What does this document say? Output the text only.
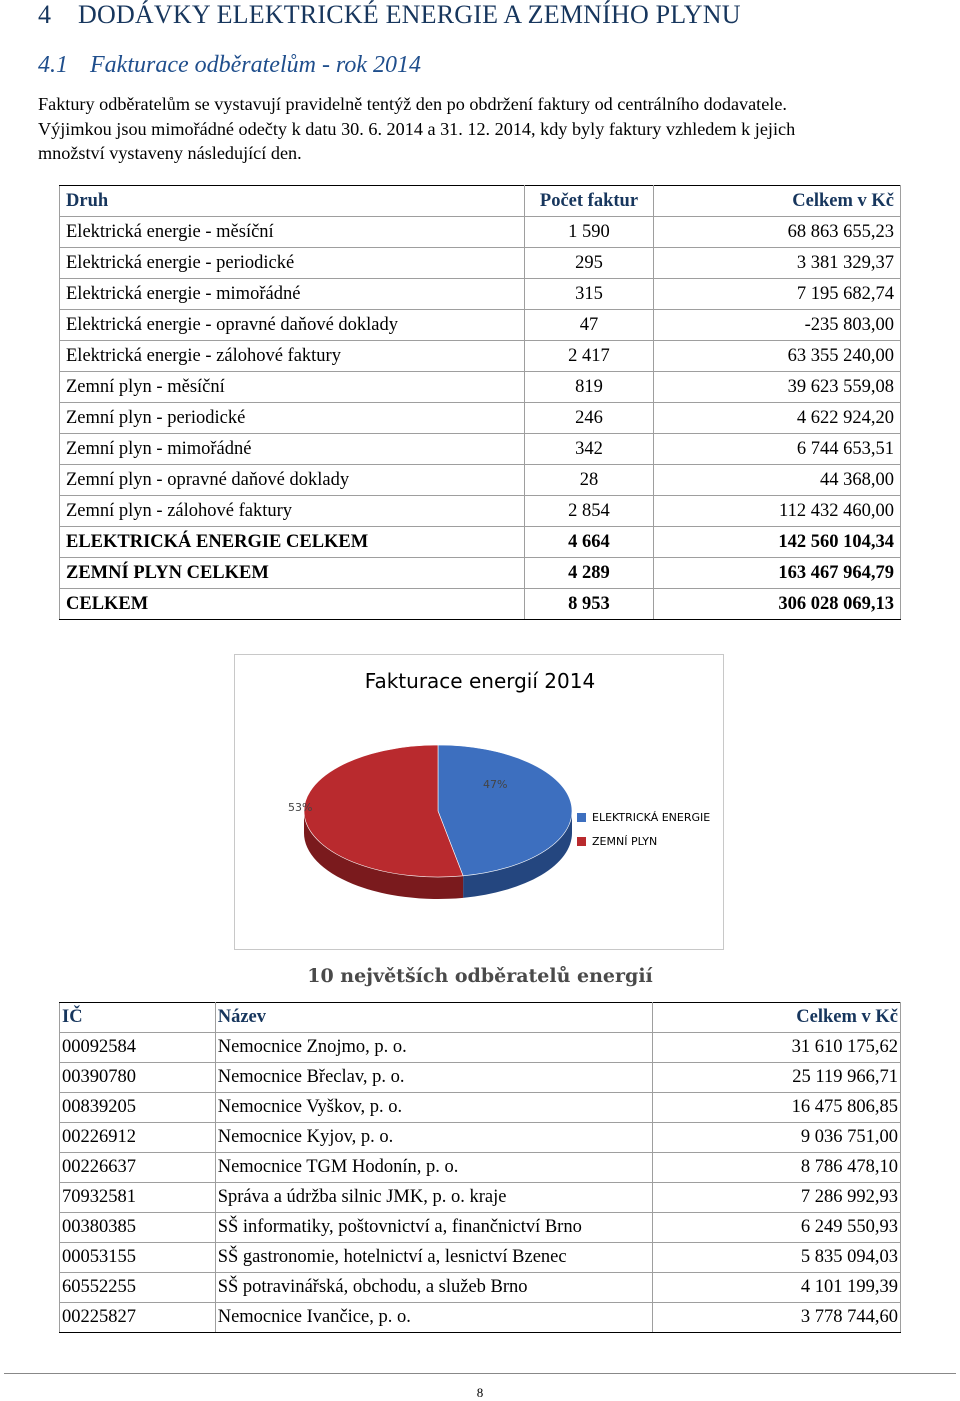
4 DODÁVKY ELEKTRICKÉ ENERGIE A ZEMNÍHO PLYNU
4.1 Fakturace odběratelům - rok 2014
Faktury odběratelům se vystavují pravidelně tentýž den po obdržení faktury od centrálního dodavatele.
Výjimkou jsou mimořádné odečty k datu 30. 6. 2014 a 31. 12. 2014, kdy byly faktury vzhledem k jejich
množství vystaveny následující den.
Druh	Počet faktur	Celkem v Kč
Elektrická energie - měsíční	1 590	68 863 655,23
Elektrická energie - periodické	295	3 381 329,37
Elektrická energie - mimořádné	315	7 195 682,74
Elektrická energie - opravné daňové doklady	47	-235 803,00
Elektrická energie - zálohové faktury	2 417	63 355 240,00
Zemní plyn - měsíční	819	39 623 559,08
Zemní plyn - periodické	246	4 622 924,20
Zemní plyn - mimořádné	342	6 744 653,51
Zemní plyn - opravné daňové doklady	28	44 368,00
Zemní plyn - zálohové faktury	2 854	112 432 460,00
ELEKTRICKÁ ENERGIE CELKEM	4 664	142 560 104,34
ZEMNÍ PLYN CELKEM	4 289	163 467 964,79
CELKEM	8 953	306 028 069,13
Fakturace energií 2014
47%
53%
ELEKTRICKÁ ENERGIE
ZEMNÍ PLYN
10 největších odběratelů energií
IČ	Název	Celkem v Kč
00092584	Nemocnice Znojmo, p. o.	31 610 175,62
00390780	Nemocnice Břeclav, p. o.	25 119 966,71
00839205	Nemocnice Vyškov, p. o.	16 475 806,85
00226912	Nemocnice Kyjov, p. o.	9 036 751,00
00226637	Nemocnice TGM Hodonín, p. o.	8 786 478,10
70932581	Správa a údržba silnic JMK, p. o. kraje	7 286 992,93
00380385	SŠ informatiky, poštovnictví a, finančnictví Brno	6 249 550,93
00053155	SŠ gastronomie, hotelnictví a, lesnictví Bzenec	5 835 094,03
60552255	SŠ potravinářská, obchodu, a služeb Brno	4 101 199,39
00225827	Nemocnice Ivančice, p. o.	3 778 744,60
8
